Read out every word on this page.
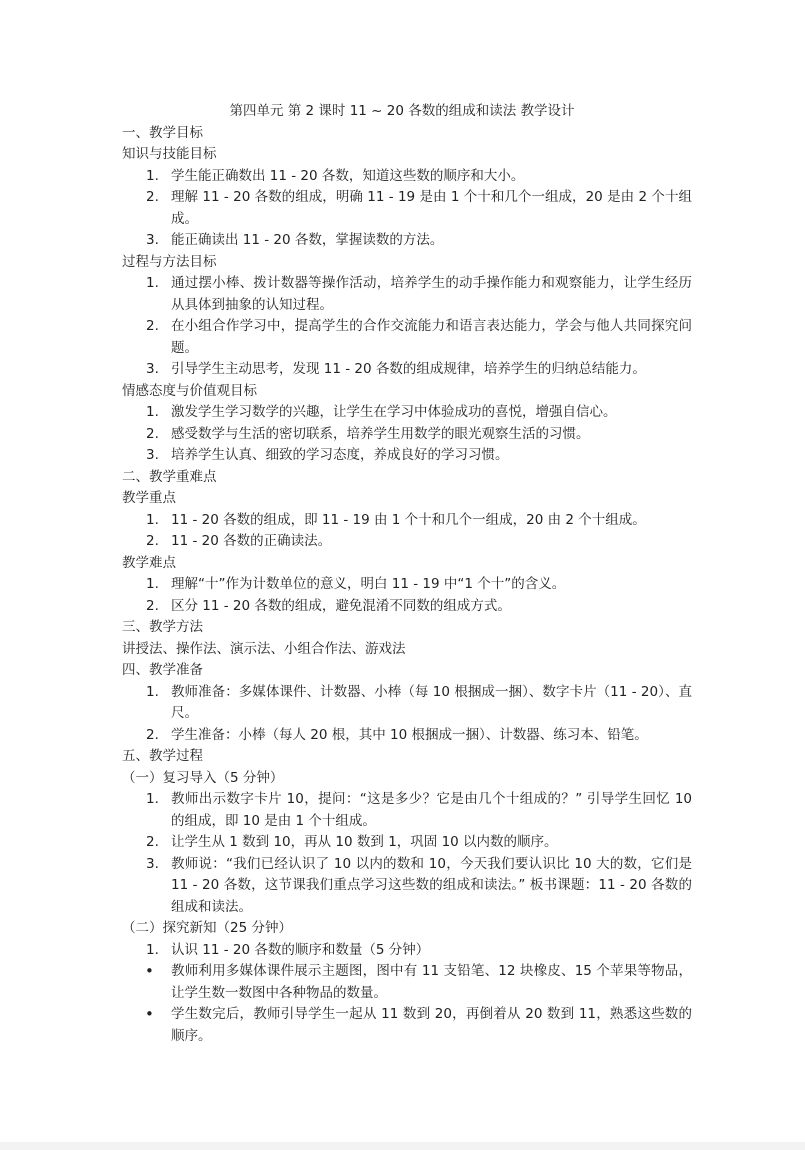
第四单元 第 2 课时 11 ~ 20 各数的组成和读法 教学设计
一、教学目标
知识与技能目标
1. 学生能正确数出 11 - 20 各数，知道这些数的顺序和大小。
2. 理解 11 - 20 各数的组成，明确 11 - 19 是由 1 个十和几个一组成，20 是由 2 个十组成。
3. 能正确读出 11 - 20 各数，掌握读数的方法。
过程与方法目标
1. 通过摆小棒、拨计数器等操作活动，培养学生的动手操作能力和观察能力，让学生经历从具体到抽象的认知过程。
2. 在小组合作学习中，提高学生的合作交流能力和语言表达能力，学会与他人共同探究问题。
3. 引导学生主动思考，发现 11 - 20 各数的组成规律，培养学生的归纳总结能力。
情感态度与价值观目标
1. 激发学生学习数学的兴趣，让学生在学习中体验成功的喜悦，增强自信心。
2. 感受数学与生活的密切联系，培养学生用数学的眼光观察生活的习惯。
3. 培养学生认真、细致的学习态度，养成良好的学习习惯。
二、教学重难点
教学重点
1. 11 - 20 各数的组成，即 11 - 19 由 1 个十和几个一组成，20 由 2 个十组成。
2. 11 - 20 各数的正确读法。
教学难点
1. 理解“十”作为计数单位的意义，明白 11 - 19 中“1 个十”的含义。
2. 区分 11 - 20 各数的组成，避免混淆不同数的组成方式。
三、教学方法
讲授法、操作法、演示法、小组合作法、游戏法
四、教学准备
1. 教师准备：多媒体课件、计数器、小棒（每 10 根捆成一捆）、数字卡片（11 - 20）、直尺。
2. 学生准备：小棒（每人 20 根，其中 10 根捆成一捆）、计数器、练习本、铅笔。
五、教学过程
（一）复习导入（5 分钟）
1. 教师出示数字卡片 10，提问：“这是多少？它是由几个十组成的？” 引导学生回忆 10 的组成，即 10 是由 1 个十组成。
2. 让学生从 1 数到 10，再从 10 数到 1，巩固 10 以内数的顺序。
3. 教师说：“我们已经认识了 10 以内的数和 10，今天我们要认识比 10 大的数，它们是 11 - 20 各数，这节课我们重点学习这些数的组成和读法。” 板书课题：11 - 20 各数的组成和读法。
（二）探究新知（25 分钟）
1. 认识 11 - 20 各数的顺序和数量（5 分钟）
• 教师利用多媒体课件展示主题图，图中有 11 支铅笔、12 块橡皮、15 个苹果等物品，让学生数一数图中各种物品的数量。
• 学生数完后，教师引导学生一起从 11 数到 20，再倒着从 20 数到 11，熟悉这些数的顺序。
